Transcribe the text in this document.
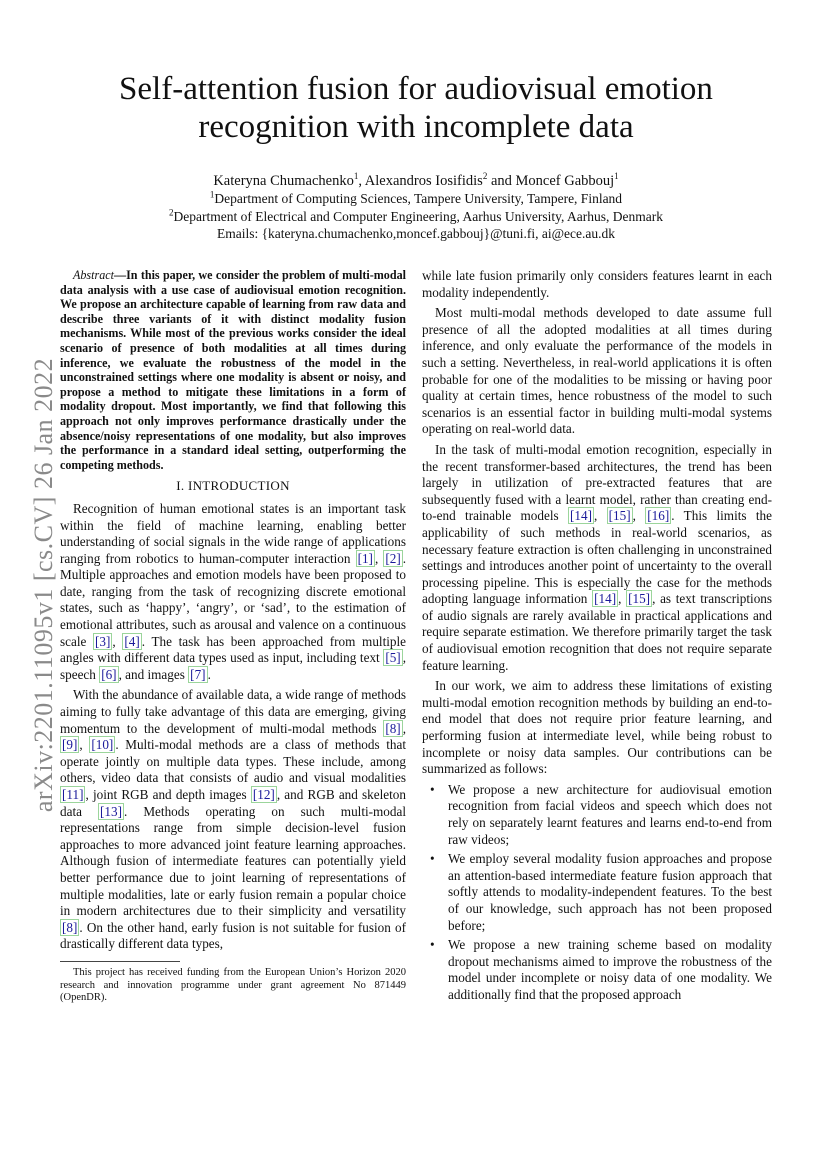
arXiv:2201.11095v1 [cs.CV] 26 Jan 2022
Self-attention fusion for audiovisual emotion
recognition with incomplete data
Kateryna Chumachenko$^1$, Alexandros Iosifidis$^2$ and Moncef Gabbouj$^1$
$^1$Department of Computing Sciences, Tampere University, Tampere, Finland
$^2$Department of Electrical and Computer Engineering, Aarhus University, Aarhus, Denmark
Emails: {kateryna.chumachenko,moncef.gabbouj}@tuni.fi, ai@ece.au.dk

Abstract—In this paper, we consider the problem of multi-modal data analysis with a use case of audiovisual emotion recognition. We propose an architecture capable of learning from raw data and describe three variants of it with distinct modality fusion mechanisms. While most of the previous works consider the ideal scenario of presence of both modalities at all times during inference, we evaluate the robustness of the model in the unconstrained settings where one modality is absent or noisy, and propose a method to mitigate these limitations in a form of modality dropout. Most importantly, we find that following this approach not only improves performance drastically under the absence/noisy representations of one modality, but also improves the performance in a standard ideal setting, outperforming the competing methods.

I. INTRODUCTION

Recognition of human emotional states is an important task within the field of machine learning, enabling better understanding of social signals in the wide range of applications ranging from robotics to human-computer interaction [1] , [2] . Multiple approaches and emotion models have been proposed to date, ranging from the task of recognizing discrete emotional states, such as ‘happy’, ‘angry’, or ‘sad’, to the estimation of emotional attributes, such as arousal and valence on a continuous scale [3] , [4] . The task has been approached from multiple angles with different data types used as input, including text [5] , speech [6] , and images [7] .

With the abundance of available data, a wide range of methods aiming to fully take advantage of this data are emerging, giving momentum to the development of multi-modal methods [8] , [9] , [10] . Multi-modal methods are a class of methods that operate jointly on multiple data types. These include, among others, video data that consists of audio and visual modalities [11] , joint RGB and depth images [12] , and RGB and skeleton data [13] . Methods operating on such multi-modal representations range from simple decision-level fusion approaches to more advanced joint feature learning approaches. Although fusion of intermediate features can potentially yield better performance due to joint learning of representations of multiple modalities, late or early fusion remain a popular choice in modern architectures due to their simplicity and versatility [8] . On the other hand, early fusion is not suitable for fusion of drastically different data types,

This project has received funding from the European Union’s Horizon 2020 research and innovation programme under grant agreement No 871449 (OpenDR).

while late fusion primarily only considers features learnt in each modality independently.

Most multi-modal methods developed to date assume full presence of all the adopted modalities at all times during inference, and only evaluate the performance of the models in such a setting. Nevertheless, in real-world applications it is often probable for one of the modalities to be missing or having poor quality at certain times, hence robustness of the model to such scenarios is an essential factor in building multi-modal systems operating on real-world data.

In the task of multi-modal emotion recognition, especially in the recent transformer-based architectures, the trend has been largely in utilization of pre-extracted features that are subsequently fused with a learnt model, rather than creating end-to-end trainable models [14] , [15] , [16] . This limits the applicability of such methods in real-world scenarios, as necessary feature extraction is often challenging in unconstrained settings and introduces another point of uncertainty to the overall processing pipeline. This is especially the case for the methods adopting language information [14] , [15] , as text transcriptions of audio signals are rarely available in practical applications and require separate estimation. We therefore primarily target the task of audiovisual emotion recognition that does not require separate feature learning.

In our work, we aim to address these limitations of existing multi-modal emotion recognition methods by building an end-to-end model that does not require prior feature learning, and performing fusion at intermediate level, while being robust to incomplete or noisy data samples. Our contributions can be summarized as follows:

• We propose a new architecture for audiovisual emotion recognition from facial videos and speech which does not rely on separately learnt features and learns end-to-end from raw videos;
• We employ several modality fusion approaches and propose an attention-based intermediate feature fusion approach that softly attends to modality-independent features. To the best of our knowledge, such approach has not been proposed before;
• We propose a new training scheme based on modality dropout mechanisms aimed to improve the robustness of the model under incomplete or noisy data of one modality. We additionally find that the proposed approach
